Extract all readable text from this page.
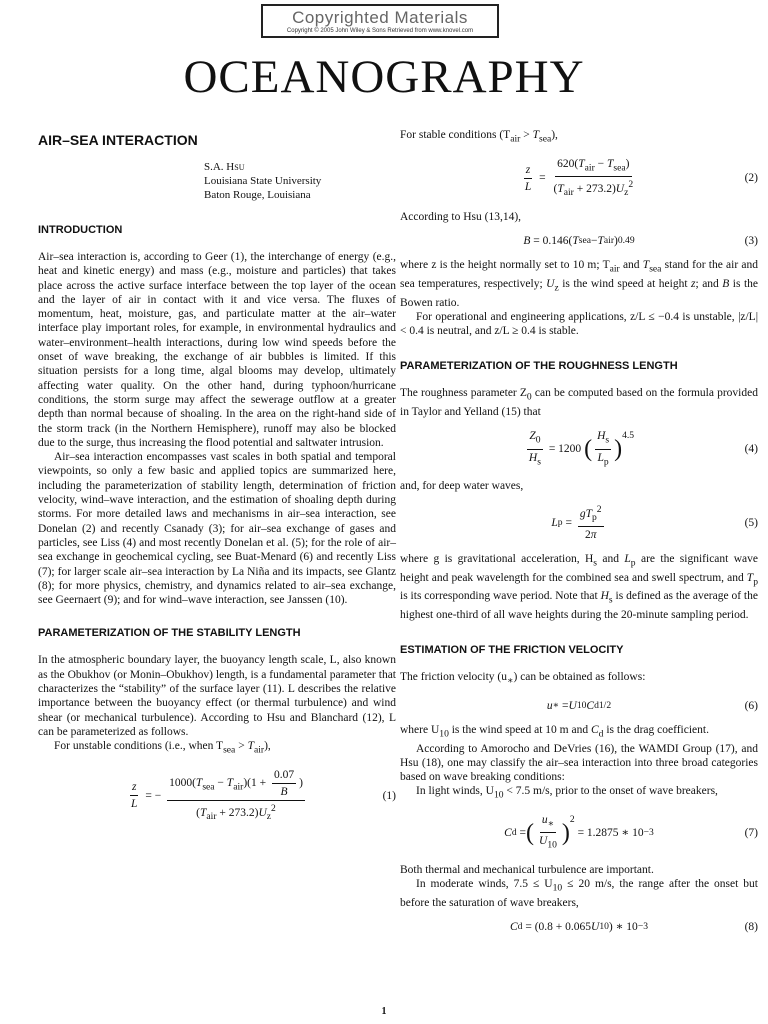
Copyrighted Materials
Copyright © 2005 John Wiley & Sons Retrieved from www.knovel.com
OCEANOGRAPHY
AIR–SEA INTERACTION
S.A. Hsu
Louisiana State University
Baton Rouge, Louisiana
INTRODUCTION

Air–sea interaction is, according to Geer (1), the interchange of energy (e.g., heat and kinetic energy) and mass (e.g., moisture and particles) that takes place across the active surface interface between the top layer of the ocean and the layer of air in contact with it and vice versa. The fluxes of momentum, heat, moisture, gas, and particulate matter at the air–water interface play important roles, for example, in environmental hydraulics and water–environment–health interactions, during low wind speeds before the onset of wave breaking, the exchange of air bubbles is limited. If this situation persists for a long time, algal blooms may develop, ultimately affecting water quality. On the other hand, during typhoon/hurricane conditions, the storm surge may affect the sewerage outflow at a greater depth than normal because of shoaling. In the area on the right-hand side of the storm track (in the Northern Hemisphere), runoff may also be blocked due to the surge, thus increasing the flood potential and saltwater intrusion.

Air–sea interaction encompasses vast scales in both spatial and temporal viewpoints, so only a few basic and applied topics are summarized here, including the parameterization of stability length, determination of friction velocity, wind–wave interaction, and the estimation of shoaling depth during storms. For more detailed laws and mechanisms in air–sea interaction, see Donelan (2) and recently Csanady (3); for air–sea exchange of gases and particles, see Liss (4) and most recently Donelan et al. (5); for the role of air–sea exchange in geochemical cycling, see Buat-Menard (6) and recently Liss (7); for larger scale air–sea interaction by La Niña and its impacts, see Glantz (8); for more physics, chemistry, and dynamics related to air–sea exchange, see Geernaert (9); and for wind–wave interaction, see Janssen (10).

PARAMETERIZATION OF THE STABILITY LENGTH

In the atmospheric boundary layer, the buoyancy length scale, L, also known as the Obukhov (or Monin–Obukhov) length, is a fundamental parameter that characterizes the “stability” of the surface layer (11). L describes the relative importance between the buoyancy effect (or thermal turbulence) and wind shear (or mechanical turbulence). According to Hsu and Blanchard (12), L can be parameterized as follows.

For unstable conditions (i.e., when $T_{sea} > T_{air}$),

$\frac{z}{L}$ = − $\frac{1000(T_{sea} - T_{air})(1 + \frac{0.07}{B} )}{(T_{air} + 273.2)U_z^2}$	(1)

For stable conditions $(T_{air} > T_{sea})$,

$\frac{z}{L} = \frac{620(T_{air} - T_{sea})}{(T_{air} + 273.2)U_z^2}$	(2)

According to Hsu (13,14),

B = 0.146( T sea − T air ) 0.49	(3)

where z is the height normally set to 10 m; $T_{air}$ and $T_{sea}$ stand for the air and sea temperatures, respectively; $U_z$ is the wind speed at height z; and B is the Bowen ratio.

For operational and engineering applications, z/L ≤ −0.4 is unstable, |z/L| < 0.4 is neutral, and z/L ≥ 0.4 is stable.

PARAMETERIZATION OF THE ROUGHNESS LENGTH

The roughness parameter $Z_0$ can be computed based on the formula provided in Taylor and Yelland (15) that

$\frac{Z_0}{H_s} = 1200$ ( $\frac{H_s}{L_p}$ )
$^{4.5}$
(4)

and, for deep water waves,

L $p = \frac{gT_p^2}{2\pi}$	(5)

where g is gravitational acceleration, $H_s$ and $L_p$ are the significant wave height and peak wavelength for the combined sea and swell spectrum, and $T_p$ is its corresponding wave period. Note that $H_s$ is defined as the average of the highest one-third of all wave heights during the 20-minute sampling period.

ESTIMATION OF THE FRICTION VELOCITY

The friction velocity $(u_∗)$ can be obtained as follows:

u ∗ = U 10 C d 1/2	(6)

where $U_{10}$ is the wind speed at 10 m and $C_d$ is the drag coefficient.

According to Amorocho and DeVries (16), the WAMDI Group (17), and Hsu (18), one may classify the air–sea interaction into three broad categories based on wave breaking conditions:

In light winds, $U_{10} < 7.5$ m/s, prior to the onset of wave breakers,

C d = ( $\frac{u_∗}{U_{10}}$ )
$^2$
= 1.2875 ∗ $10_{-3}$	(7)

Both thermal and mechanical turbulence are important.

In moderate winds, $7.5 \le U_{10} \le 20$ m/s, the range after the onset but before the saturation of wave breakers,

C d = (0.8 + 0.065 U 10 ) ∗ 10 −3	(8)
1
